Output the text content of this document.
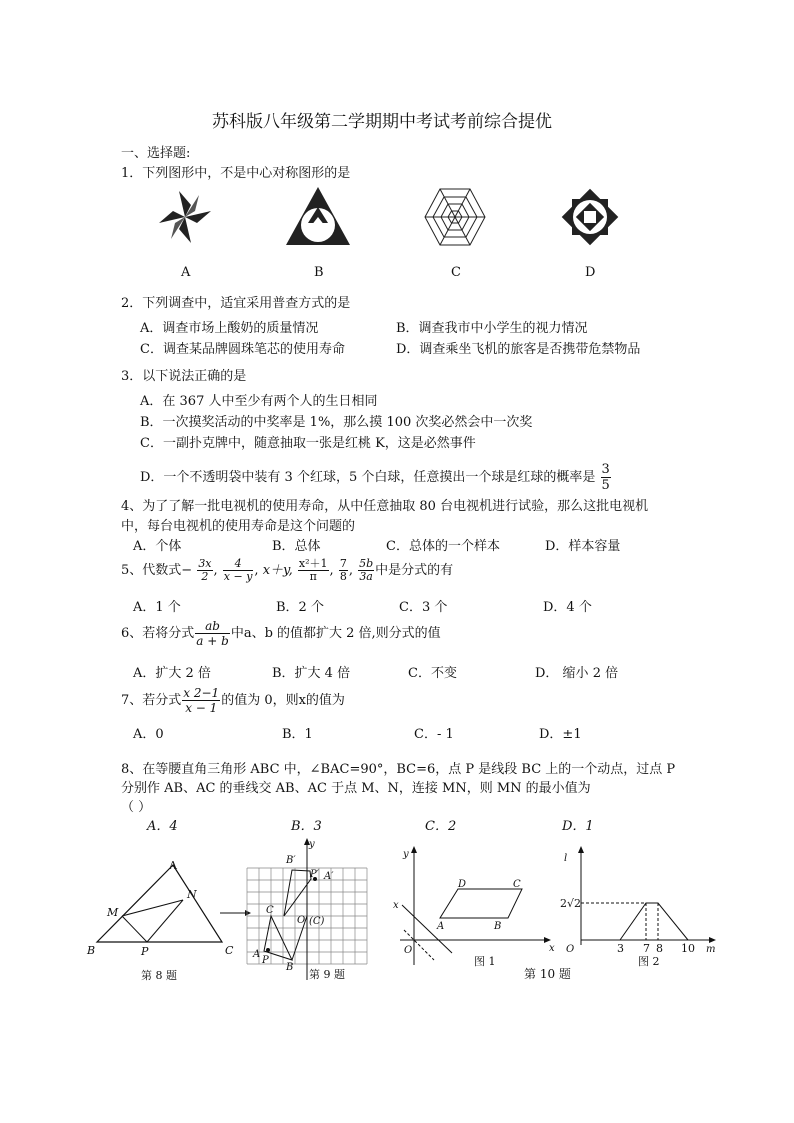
苏科版八年级第二学期期中考试考前综合提优
一、选择题:
1．下列图形中，不是中心对称图形的是
A	B	C	D
2．下列调查中，适宜采用普查方式的是
A．调查市场上酸奶的质量情况	B．调查我市中小学生的视力情况
C．调查某品牌圆珠笔芯的使用寿命	D．调查乘坐飞机的旅客是否携带危禁物品
3．以下说法正确的是
A．在 367 人中至少有两个人的生日相同
B．一次摸奖活动的中奖率是 1%，那么摸 100 次奖必然会中一次奖
C．一副扑克牌中，随意抽取一张是红桃 K，这是必然事件
D．一个不透明袋中装有 3 个红球，5 个白球，任意摸出一个球是红球的概率是 $\frac{3}{5}$
4、为了了解一批电视机的使用寿命，从中任意抽取 80 台电视机进行试验，那么这批电视机
中，每台电视机的使用寿命是这个问题的
A．个体	B．总体	C．总体的一个样本	D．样本容量
5、代数式− $\frac{3x}{2}$ , $\frac{4}{x - y}$ , x＋y, $\frac{\text{x²＋1}}{\pi}$ , $\frac{7}{8}$ , $\frac{5b}{3a}$ 中是分式的有
A．1 个	B．2 个	C．3 个	D．4 个
6、若将分式 $\frac{ab}{a + b}$ 中a、b 的值都扩大 2 倍,则分式的值
A．扩大 2 倍	B．扩大 4 倍	C．不变	D． 缩小 2 倍
7、若分式 $\frac{x 2-1}{x - 1}$ 的值为 0，则x的值为
A．0	B．1	C．- 1	D．±1
8、在等腰直角三角形 ABC 中，∠BAC=90°，BC=6，点 P 是线段 BC 上的一个动点，过点 P
分别作 AB、AC 的垂线交 AB、AC 于点 M、N，连接 MN，则 MN 的最小值为
（ ）
A．4	B．3	C．2	D．1
A
B	C
M
N
P
第 8 题
y
B′
P′ A′
C
O (C)
A
P
B
第 9 题
y
x
D	C
A	B
O
x
图 1
第 10 题
l
2√2
O	3 7 8 10 m
图 2
